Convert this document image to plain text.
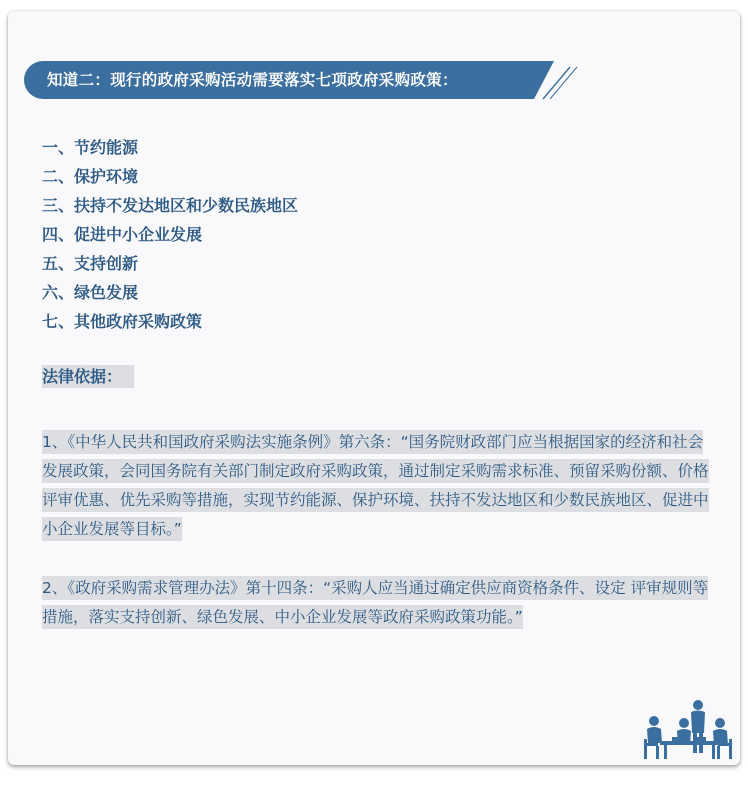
知道二：现行的政府采购活动需要落实七项政府采购政策：
一、节约能源
二、保护环境
三、扶持不发达地区和少数民族地区
四、促进中小企业发展
五、支持创新
六、绿色发展
七、其他政府采购政策

法律依据：

1、《中华人民共和国政府采购法实施条例》第六条：“国务院财政部门应当根据国家的经济和社会发展政策，会同国务院有关部门制定政府采购政策，通过制定采购需求标准、预留采购份额、价格评审优惠、优先采购等措施，实现节约能源、保护环境、扶持不发达地区和少数民族地区、促进中小企业发展等目标。”

2、《政府采购需求管理办法》第十四条：“采购人应当通过确定供应商资格条件、设定 评审规则等措施，落实支持创新、绿色发展、中小企业发展等政府采购政策功能。”
